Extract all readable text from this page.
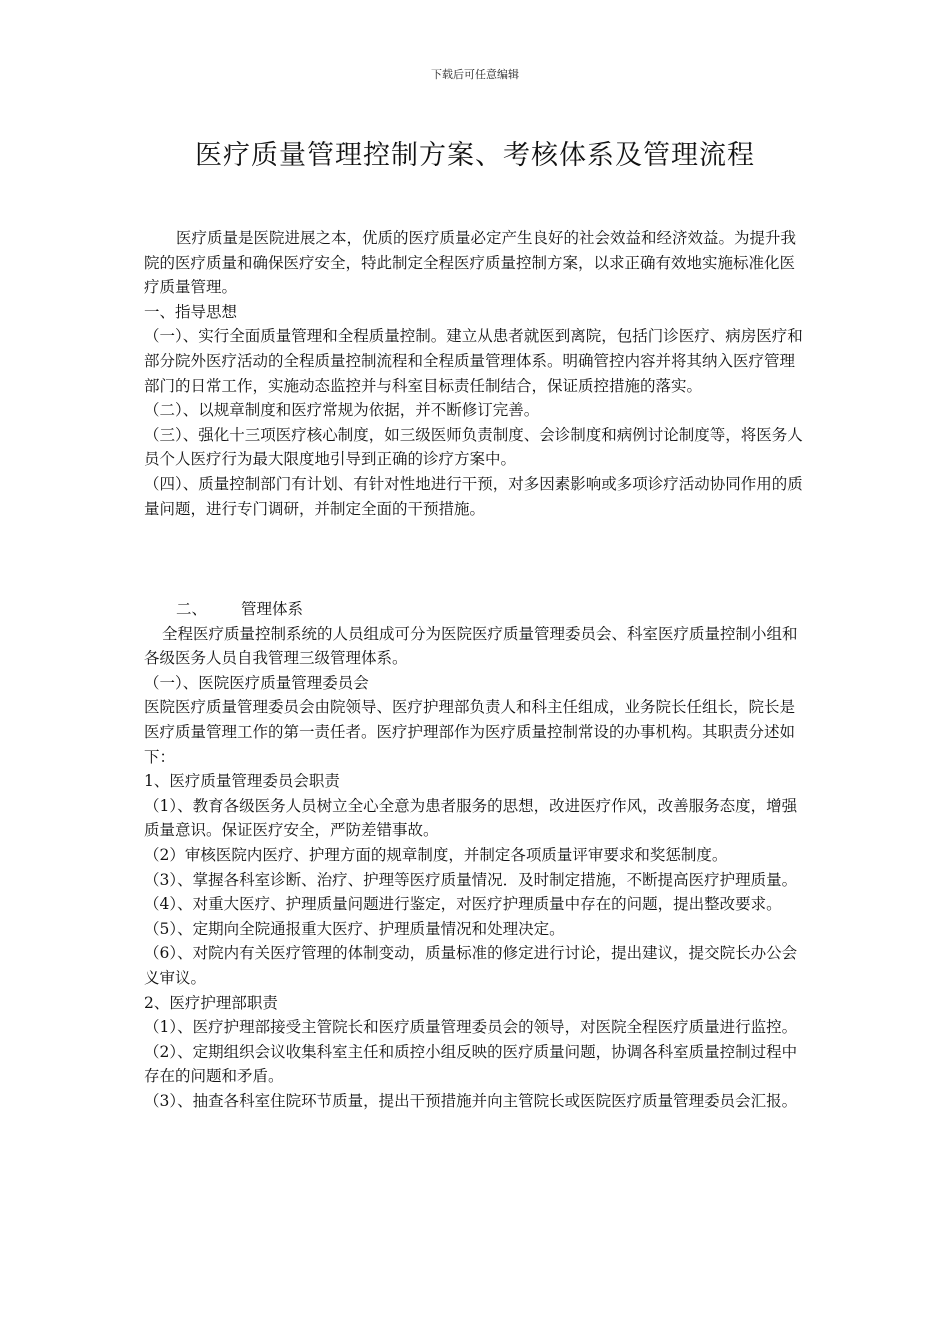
下载后可任意编辑
医疗质量管理控制方案、考核体系及管理流程

医疗质量是医院进展之本，优质的医疗质量必定产生良好的社会效益和经济效益。为提升我院的医疗质量和确保医疗安全，特此制定全程医疗质量控制方案，以求正确有效地实施标准化医疗质量管理。

一、指导思想

（一）、实行全面质量管理和全程质量控制。建立从患者就医到离院，包括门诊医疗、病房医疗和部分院外医疗活动的全程质量控制流程和全程质量管理体系。明确管控内容并将其纳入医疗管理部门的日常工作，实施动态监控并与科室目标责任制结合，保证质控措施的落实。

（二）、以规章制度和医疗常规为依据，并不断修订完善。

（三）、强化十三项医疗核心制度，如三级医师负责制度、会诊制度和病例讨论制度等，将医务人员个人医疗行为最大限度地引导到正确的诊疗方案中。

（四）、质量控制部门有计划、有针对性地进行干预，对多因素影响或多项诊疗活动协同作用的质量问题，进行专门调研，并制定全面的干预措施。

二、 管理体系

全程医疗质量控制系统的人员组成可分为医院医疗质量管理委员会、科室医疗质量控制小组和各级医务人员自我管理三级管理体系。

（一）、医院医疗质量管理委员会

医院医疗质量管理委员会由院领导、医疗护理部负责人和科主任组成，业务院长任组长，院长是医疗质量管理工作的第一责任者。医疗护理部作为医疗质量控制常设的办事机构。其职责分述如下：

1、医疗质量管理委员会职责

（1）、教育各级医务人员树立全心全意为患者服务的思想，改进医疗作风，改善服务态度，增强质量意识。保证医疗安全，严防差错事故。

（2）审核医院内医疗、护理方面的规章制度，并制定各项质量评审要求和奖惩制度。

（3）、掌握各科室诊断、治疗、护理等医疗质量情况．及时制定措施，不断提高医疗护理质量。

（4）、对重大医疗、护理质量问题进行鉴定，对医疗护理质量中存在的问题，提出整改要求。

（5）、定期向全院通报重大医疗、护理质量情况和处理决定。

（6）、对院内有关医疗管理的体制变动，质量标准的修定进行讨论，提出建议，提交院长办公会义审议。

2、医疗护理部职责

（1）、医疗护理部接受主管院长和医疗质量管理委员会的领导，对医院全程医疗质量进行监控。

（2）、定期组织会议收集科室主任和质控小组反映的医疗质量问题，协调各科室质量控制过程中存在的问题和矛盾。

（3）、抽查各科室住院环节质量，提出干预措施并向主管院长或医院医疗质量管理委员会汇报。
